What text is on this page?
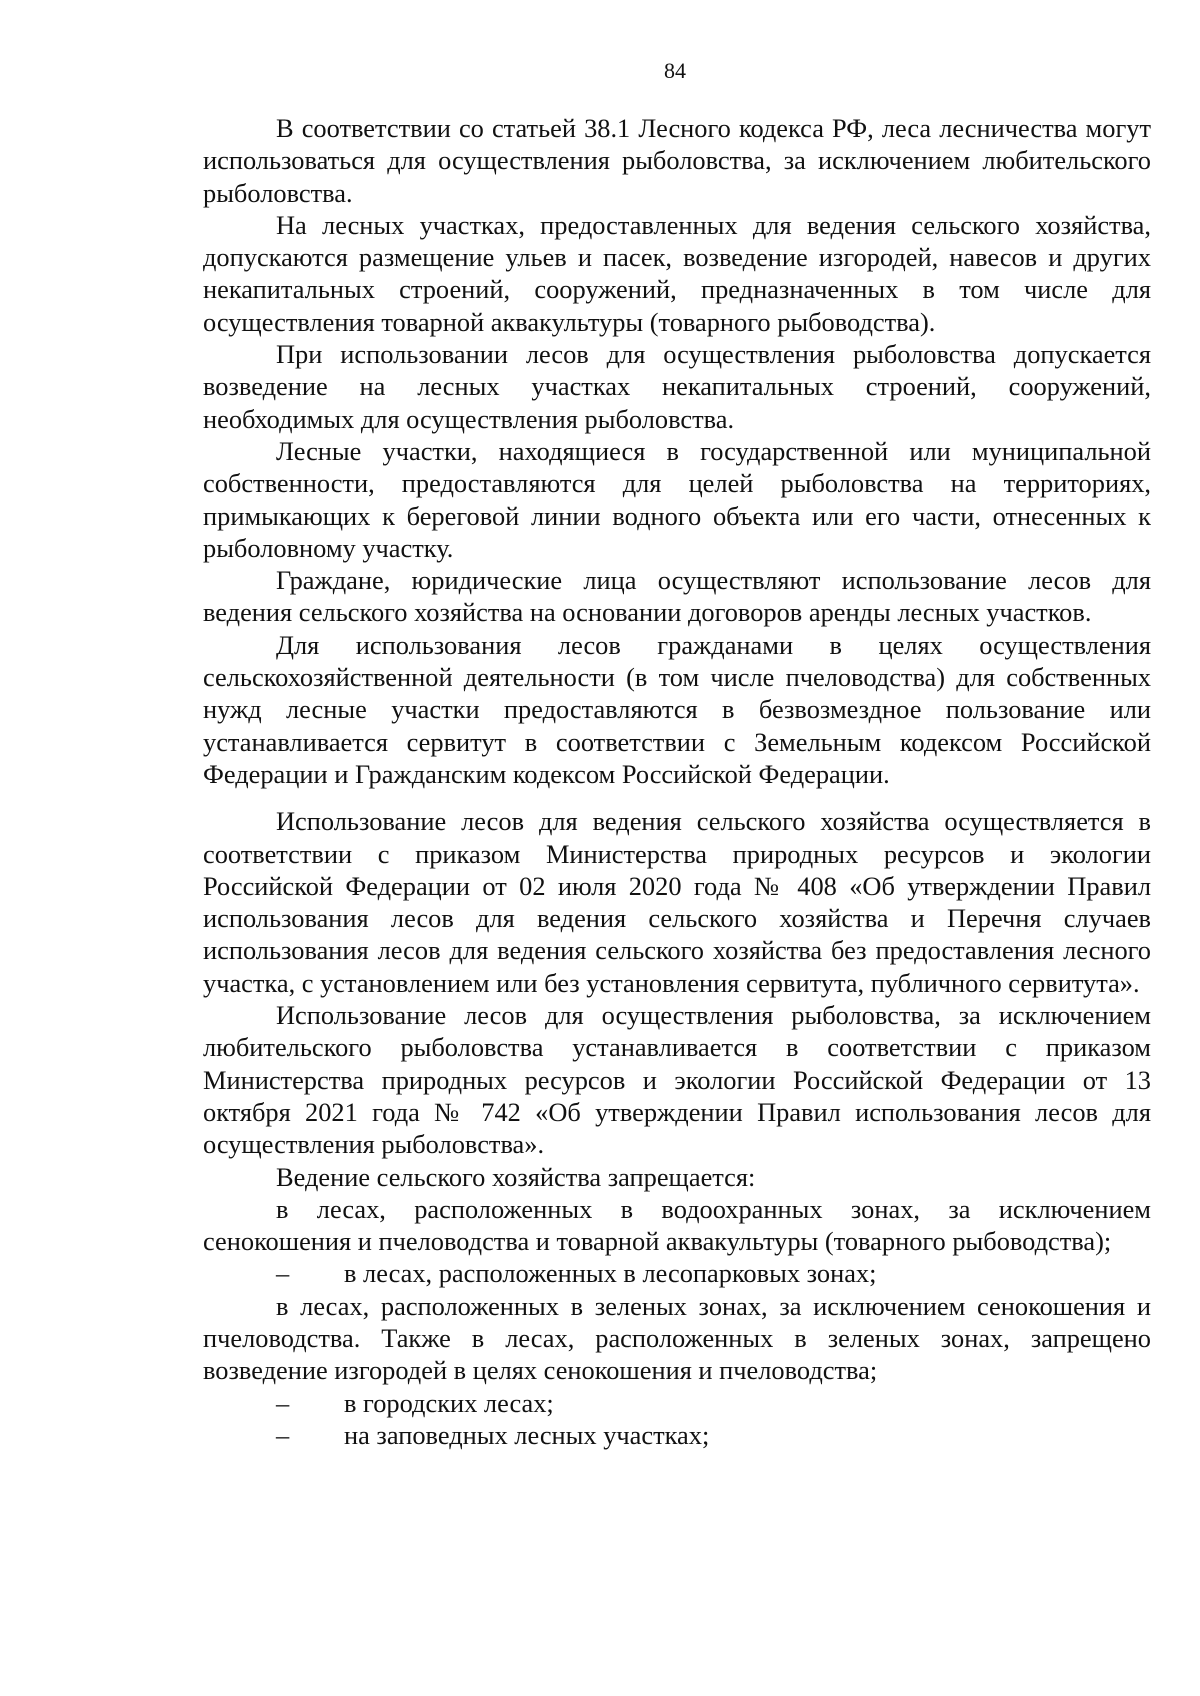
84

В соответствии со статьей 38.1 Лесного кодекса РФ, леса лесничества могут использоваться для осуществления рыболовства, за исключением любительского рыболовства.

На лесных участках, предоставленных для ведения сельского хозяйства, допускаются размещение ульев и пасек, возведение изгородей, навесов и других некапитальных строений, сооружений, предназначенных в том числе для осуществления товарной аквакультуры (товарного рыбоводства).

При использовании лесов для осуществления рыболовства допускается возведение на лесных участках некапитальных строений, сооружений, необходимых для осуществления рыболовства.

Лесные участки, находящиеся в государственной или муниципальной собственности, предоставляются для целей рыболовства на территориях, примыкающих к береговой линии водного объекта или его части, отнесенных к рыболовному участку.

Граждане, юридические лица осуществляют использование лесов для ведения сельского хозяйства на основании договоров аренды лесных участков.

Для использования лесов гражданами в целях осуществления сельскохозяйственной деятельности (в том числе пчеловодства) для собственных нужд лесные участки предоставляются в безвозмездное пользование или устанавливается сервитут в соответствии с Земельным кодексом Российской Федерации и Гражданским кодексом Российской Федерации.

Использование лесов для ведения сельского хозяйства осуществляется в соответствии с приказом Министерства природных ресурсов и экологии Российской Федерации от 02 июля 2020 года № 408 «Об утверждении Правил использования лесов для ведения сельского хозяйства и Перечня случаев использования лесов для ведения сельского хозяйства без предоставления лесного участка, с установлением или без установления сервитута, публичного сервитута».

Использование лесов для осуществления рыболовства, за исключением любительского рыболовства устанавливается в соответствии с приказом Министерства природных ресурсов и экологии Российской Федерации от 13 октября 2021 года № 742 «Об утверждении Правил использования лесов для осуществления рыболовства».

Ведение сельского хозяйства запрещается:

в лесах, расположенных в водоохранных зонах, за исключением сенокошения и пчеловодства и товарной аквакультуры (товарного рыбоводства);

– в лесах, расположенных в лесопарковых зонах;

в лесах, расположенных в зеленых зонах, за исключением сенокошения и пчеловодства. Также в лесах, расположенных в зеленых зонах, запрещено возведение изгородей в целях сенокошения и пчеловодства;

– в городских лесах;

– на заповедных лесных участках;
